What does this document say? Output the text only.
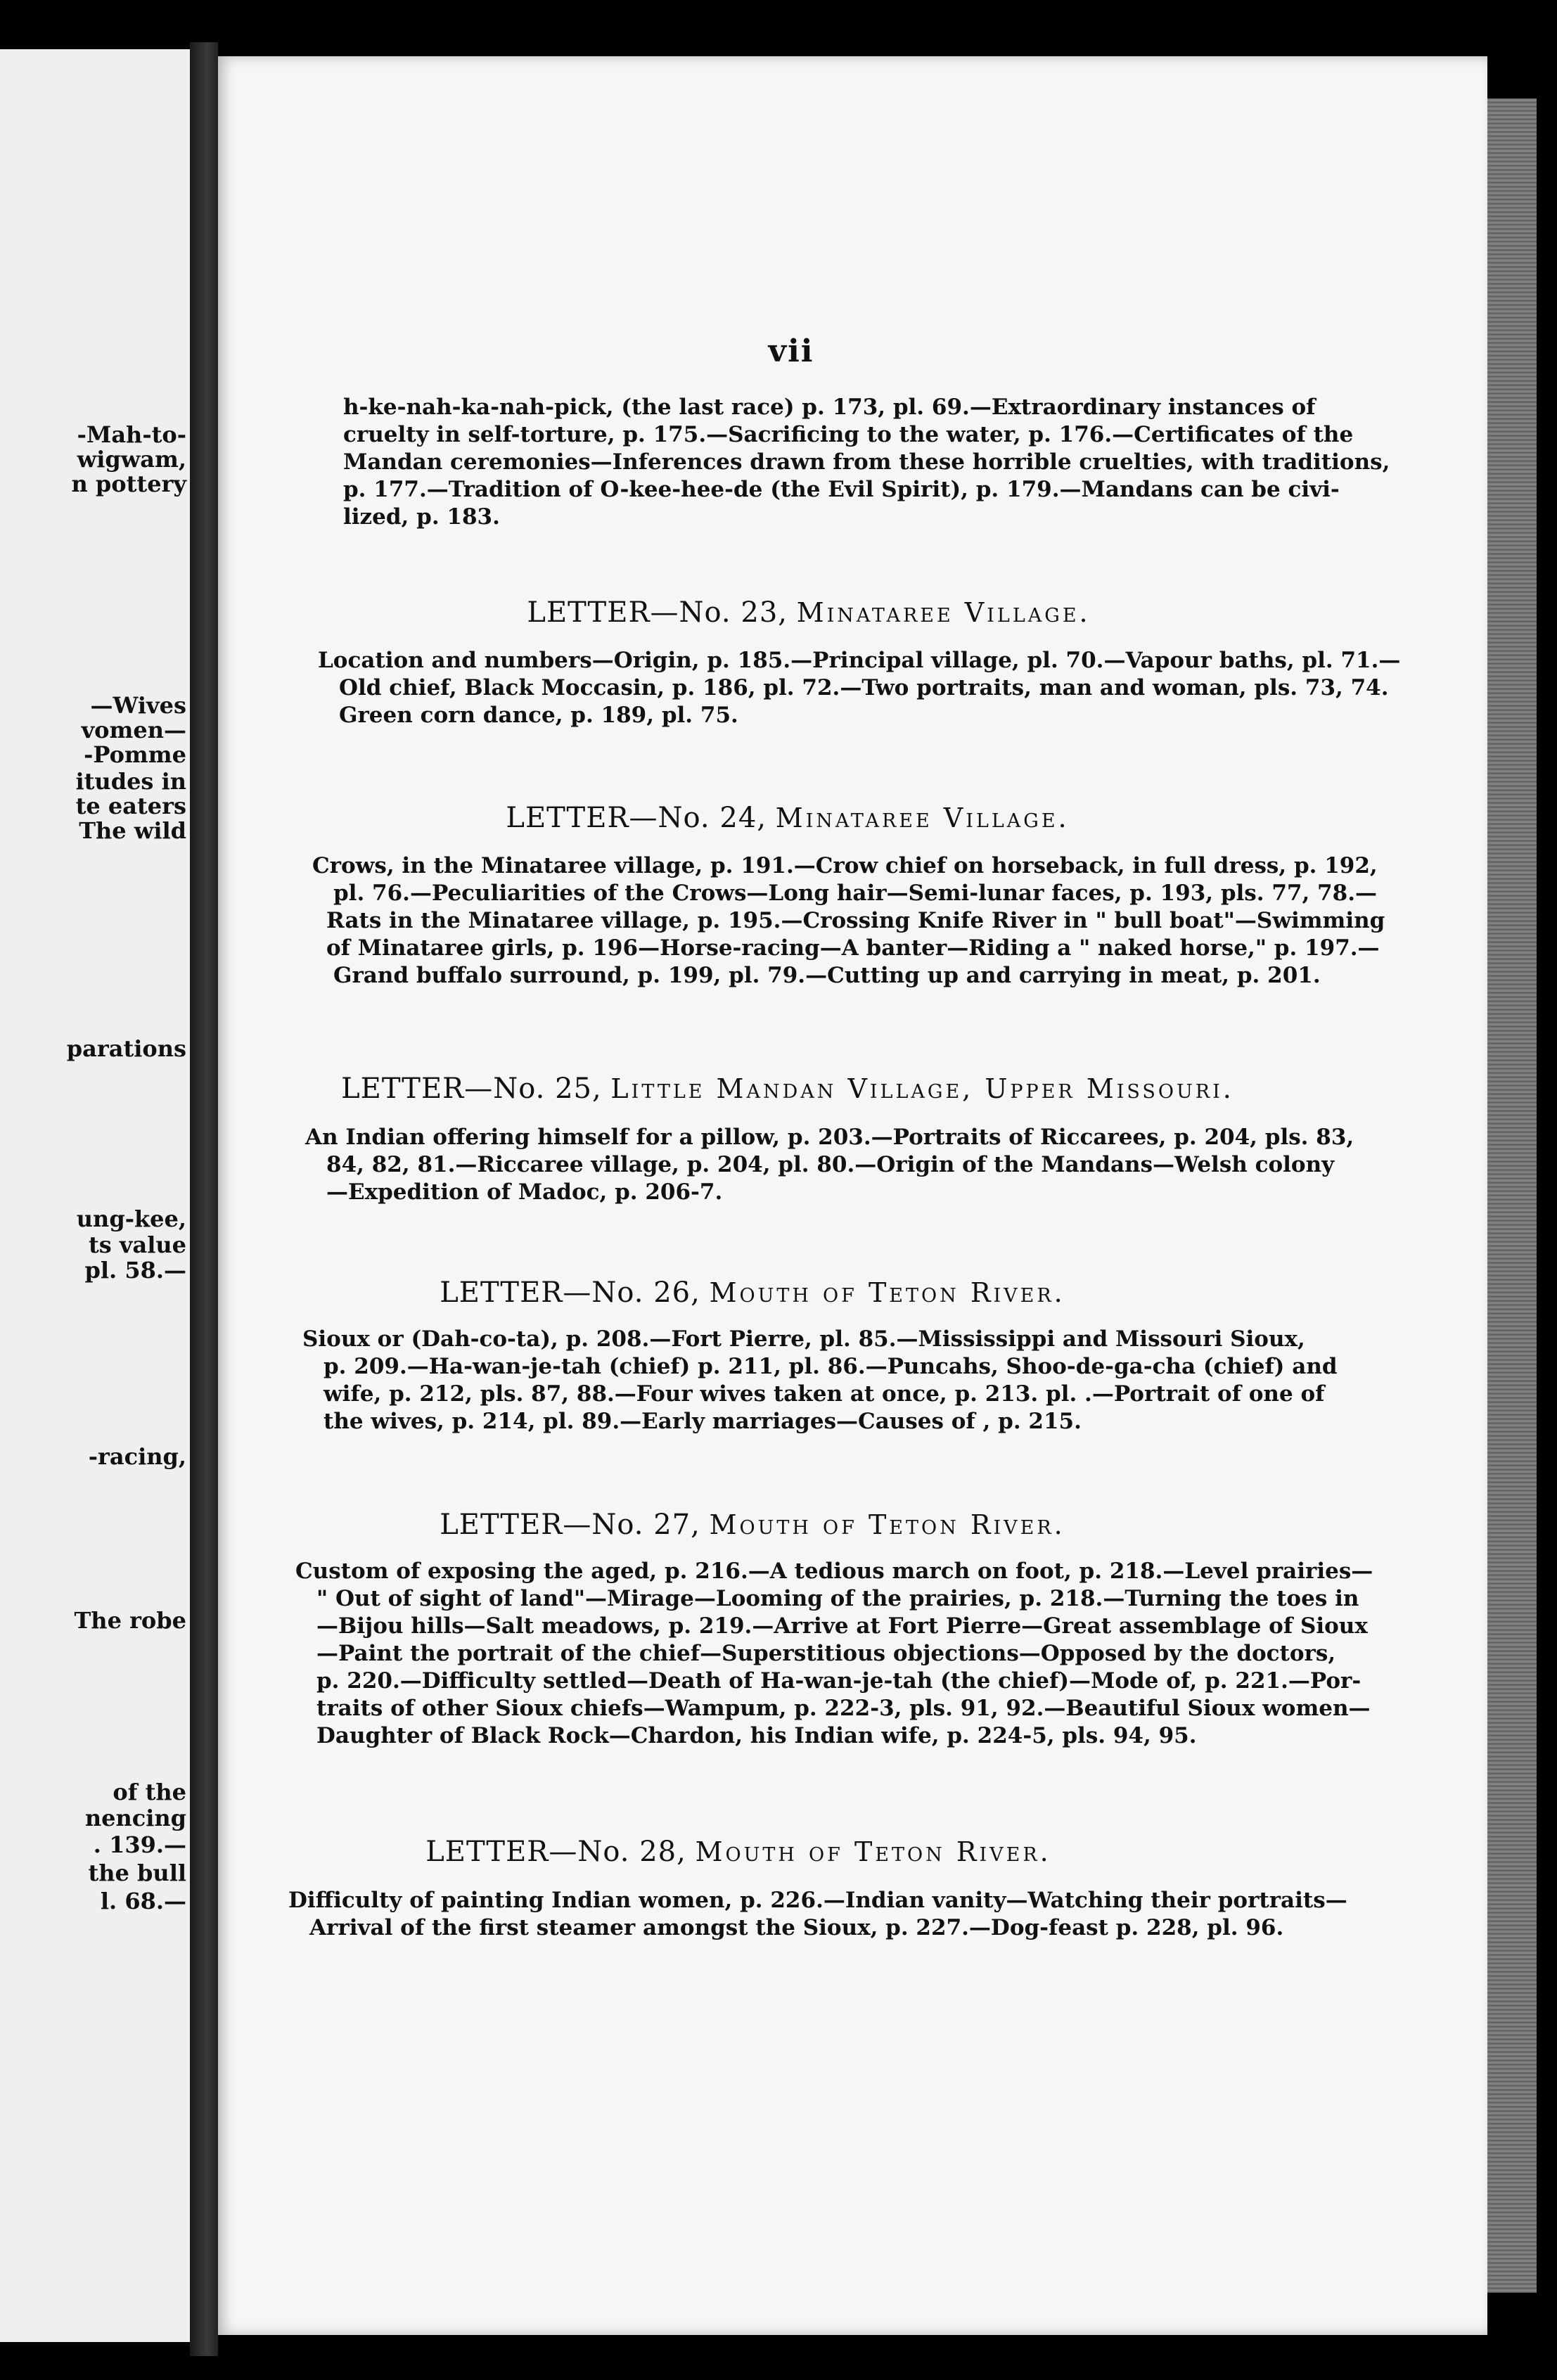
-Mah-to-
wigwam,
n pottery
—Wives
vomen—
-Pomme
itudes in
te eaters
The wild
parations
ung-kee,
ts value
pl. 58.—
-racing,
The robe
of the
nencing
. 139.—
the bull
l. 68.—
vii
h-ke-nah-ka-nah-pick, (the last race) p. 173, pl. 69.—Extraordinary instances of
cruelty in self-torture, p. 175.—Sacrificing to the water, p. 176.—Certificates of the
Mandan ceremonies—Inferences drawn from these horrible cruelties, with traditions,
p. 177.—Tradition of O-kee-hee-de (the Evil Spirit), p. 179.—Mandans can be civi-
lized, p. 183.
LETTER—No. 23, Minataree Village.
Location and numbers—Origin, p. 185.—Principal village, pl. 70.—Vapour baths, pl. 71.—
Old chief, Black Moccasin, p. 186, pl. 72.—Two portraits, man and woman, pls. 73, 74.
Green corn dance, p. 189, pl. 75.
LETTER—No. 24, Minataree Village.
Crows, in the Minataree village, p. 191.—Crow chief on horseback, in full dress, p. 192,
pl. 76.—Peculiarities of the Crows—Long hair—Semi-lunar faces, p. 193, pls. 77, 78.—
Rats in the Minataree village, p. 195.—Crossing Knife River in " bull boat"—Swimming
of Minataree girls, p. 196—Horse-racing—A banter—Riding a " naked horse," p. 197.—
Grand buffalo surround, p. 199, pl. 79.—Cutting up and carrying in meat, p. 201.
LETTER—No. 25, Little Mandan Village, Upper Missouri.
An Indian offering himself for a pillow, p. 203.—Portraits of Riccarees, p. 204, pls. 83,
84, 82, 81.—Riccaree village, p. 204, pl. 80.—Origin of the Mandans—Welsh colony
—Expedition of Madoc, p. 206-7.
LETTER—No. 26, Mouth of Teton River.
Sioux or (Dah-co-ta), p. 208.—Fort Pierre, pl. 85.—Mississippi and Missouri Sioux,
p. 209.—Ha-wan-je-tah (chief) p. 211, pl. 86.—Puncahs, Shoo-de-ga-cha (chief) and
wife, p. 212, pls. 87, 88.—Four wives taken at once, p. 213. pl. .—Portrait of one of
the wives, p. 214, pl. 89.—Early marriages—Causes of , p. 215.
LETTER—No. 27, Mouth of Teton River.
Custom of exposing the aged, p. 216.—A tedious march on foot, p. 218.—Level prairies—
" Out of sight of land"—Mirage—Looming of the prairies, p. 218.—Turning the toes in
—Bijou hills—Salt meadows, p. 219.—Arrive at Fort Pierre—Great assemblage of Sioux
—Paint the portrait of the chief—Superstitious objections—Opposed by the doctors,
p. 220.—Difficulty settled—Death of Ha-wan-je-tah (the chief)—Mode of, p. 221.—Por-
traits of other Sioux chiefs—Wampum, p. 222-3, pls. 91, 92.—Beautiful Sioux women—
Daughter of Black Rock—Chardon, his Indian wife, p. 224-5, pls. 94, 95.
LETTER—No. 28, Mouth of Teton River.
Difficulty of painting Indian women, p. 226.—Indian vanity—Watching their portraits—
Arrival of the first steamer amongst the Sioux, p. 227.—Dog-feast p. 228, pl. 96.
